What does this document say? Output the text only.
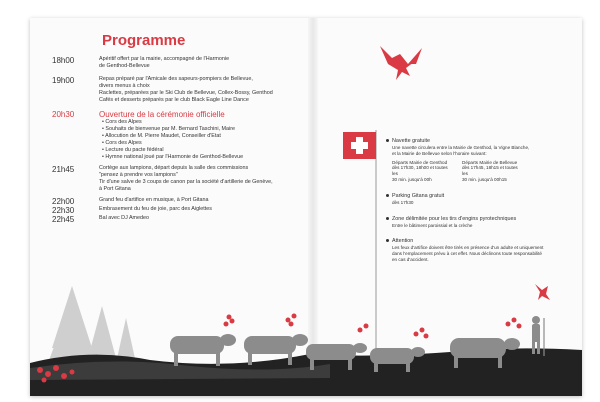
Programme
18h00	Apéritif offert par la mairie, accompagné de l'Harmonie
de Genthod-Bellevue
19h00	Repas préparé par l'Amicale des sapeurs-pompiers de Bellevue,
divers menus à choix
Raclettes, préparées par le Ski Club de Bellevue, Collex-Bossy, Genthod
Cafés et desserts préparés par le club Black Eagle Line Dance
20h30	Ouverture de la cérémonie officielle
• Cors des Alpes
• Souhaits de bienvenue par M. Bernard Taschini, Maire
• Allocution de M. Pierre Maudet, Conseiller d'Etat
• Cors des Alpes
• Lecture du pacte fédéral
• Hymne national joué par l'Harmonie de Genthod-Bellevue
21h45	Cortège aux lampions, départ depuis la salle des commissions
"pensez à prendre vos lampions"
Tir d'une salve de 3 coups de canon par la société d'artillerie de Genève,
à Port Gitana
22h00	Grand feu d'artifice en musique, à Port Gitana
22h30	Embrasement du feu de joie, parc des Aiglettes
22h45	Bal avec DJ Amedeo
Navette gratuite
Une navette circulera entre la Mairie de Genthod, la Vigne Blanche,
et la Mairie de Bellevue selon l'horaire suivant:
Départs Mairie de Genthod
dès 17h30, 18h00 et toutes les
30 min. jusqu'à 00h
Départs Mairie de Bellevue
dès 17h45, 18h15 et toutes les
30 min. jusqu'à 00h15
Parking Gitana gratuit
dès 17h30
Zone délimitée pour les tirs d'engins pyrotechniques
Entre le bâtiment paroissial et la crèche
Attention
Les feux d'artifice doivent être tirés en présence d'un adulte et uniquement
dans l'emplacement prévu à cet effet. Nous déclinons toute responsabilité
en cas d'accident.
